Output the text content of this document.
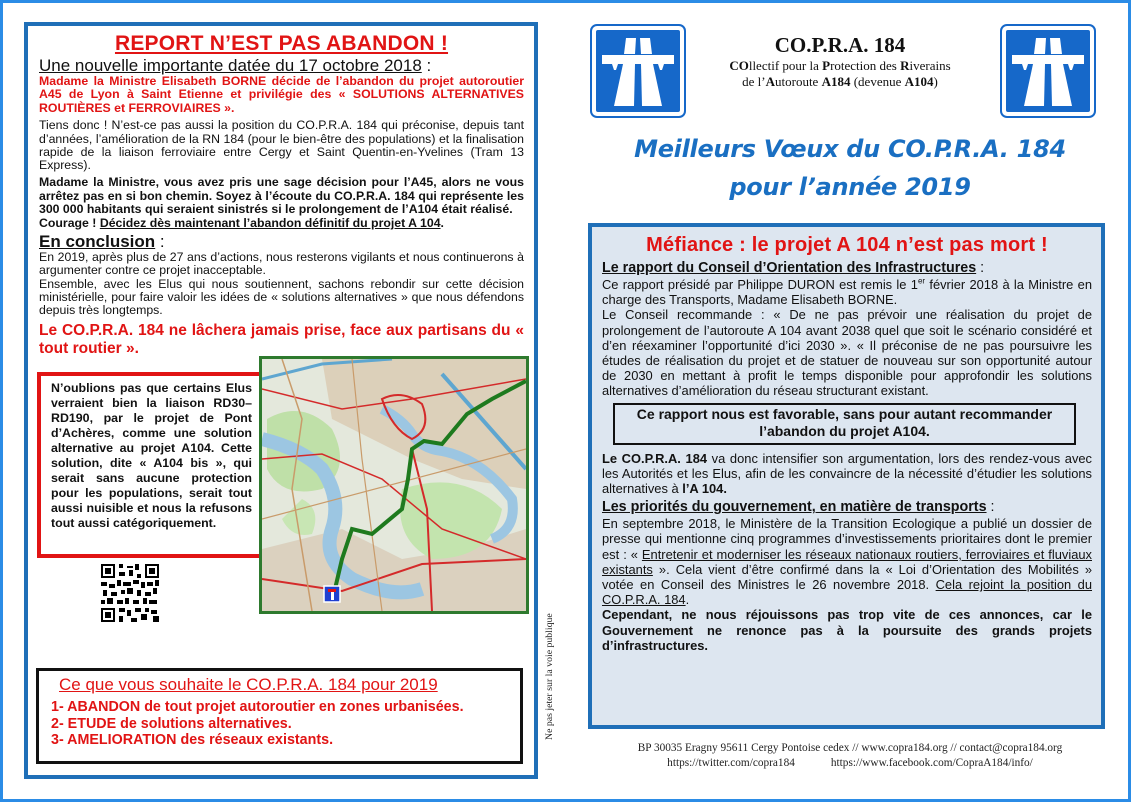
REPORT N’EST PAS ABANDON !
Une nouvelle importante datée du 17 octobre 2018 :

Madame la Ministre Elisabeth BORNE décide de l’abandon du projet autoroutier A45 de Lyon à Saint Etienne et privilégie des « SOLUTIONS ALTERNATIVES ROUTIÈRES et FERROVIAIRES ».

Tiens donc ! N’est-ce pas aussi la position du CO.P.R.A. 184 qui préconise, depuis tant d’années, l’amélioration de la RN 184 (pour le bien-être des populations) et la finalisation rapide de la liaison ferroviaire entre Cergy et Saint Quentin-en-Yvelines (Tram 13 Express).

Madame la Ministre, vous avez pris une sage décision pour l’A45, alors ne vous arrêtez pas en si bon chemin. Soyez à l’écoute du CO.P.R.A. 184 qui représente les 300 000 habitants qui seraient sinistrés si le prolongement de l’A104 était réalisé.

Courage ! Décidez dès maintenant l’abandon définitif du projet A 104.

En conclusion :

En 2019, après plus de 27 ans d’actions, nous resterons vigilants et nous continuerons à argumenter contre ce projet inacceptable.

Ensemble, avec les Elus qui nous soutiennent, sachons rebondir sur cette décision ministérielle, pour faire valoir les idées de « solutions alternatives » que nous défendons depuis très longtemps.

Le CO.P.R.A. 184 ne lâchera jamais prise, face aux partisans du « tout routier ».

N’oublions pas que certains Elus verraient bien la liaison RD30–RD190, par le projet de Pont d’Achères, comme une solution alternative au projet A104. Cette solution, dite « A104 bis », qui serait sans aucune protection pour les populations, serait tout aussi nuisible et nous la refusons tout aussi catégoriquement.

Ce que vous souhaite le CO.P.R.A. 184 pour 2019
1- ABANDON de tout projet autoroutier en zones urbanisées.
2- ETUDE de solutions alternatives.
3- AMELIORATION des réseaux existants.	Ne pas jeter sur la voie publique
CO.P.R.A. 184
COllectif pour la Protection des Riverains
de l’Autoroute A184 (devenue A104)
Meilleurs Vœux du CO.P.R.A. 184
pour l’année 2019
Méfiance : le projet A 104 n’est pas mort !
Le rapport du Conseil d’Orientation des Infrastructures :

Ce rapport présidé par Philippe DURON est remis le 1er février 2018 à la Ministre en charge des Transports, Madame Elisabeth BORNE.

Le Conseil recommande : « De ne pas prévoir une réalisation du projet de prolongement de l’autoroute A 104 avant 2038 quel que soit le scénario considéré et d’en réexaminer l’opportunité d’ici 2030 ». « Il préconise de ne pas poursuivre les études de réalisation du projet et de statuer de nouveau sur son opportunité autour de 2030 en mettant à profit le temps disponible pour approfondir les solutions alternatives d’amélioration du réseau structurant existant.

Ce rapport nous est favorable, sans pour autant recommander l’abandon du projet A104.

Le CO.P.R.A. 184 va donc intensifier son argumentation, lors des rendez-vous avec les Autorités et les Elus, afin de les convaincre de la nécessité d’étudier les solutions alternatives à l’A 104.

Les priorités du gouvernement, en matière de transports :

En septembre 2018, le Ministère de la Transition Ecologique a publié un dossier de presse qui mentionne cinq programmes d’investissements prioritaires dont le premier est : « Entretenir et moderniser les réseaux nationaux routiers, ferroviaires et fluviaux existants ». Cela vient d’être confirmé dans la « Loi d’Orientation des Mobilités » votée en Conseil des Ministres le 26 novembre 2018. Cela rejoint la position du CO.P.R.A. 184.

Cependant, ne nous réjouissons pas trop vite de ces annonces, car le Gouvernement ne renonce pas à la poursuite des grands projets d’infrastructures.

BP 30035 Eragny 95611 Cergy Pontoise cedex // www.copra184.org // contact@copra184.org
https://twitter.com/copra184	https://www.facebook.com/CopraA184/info/
